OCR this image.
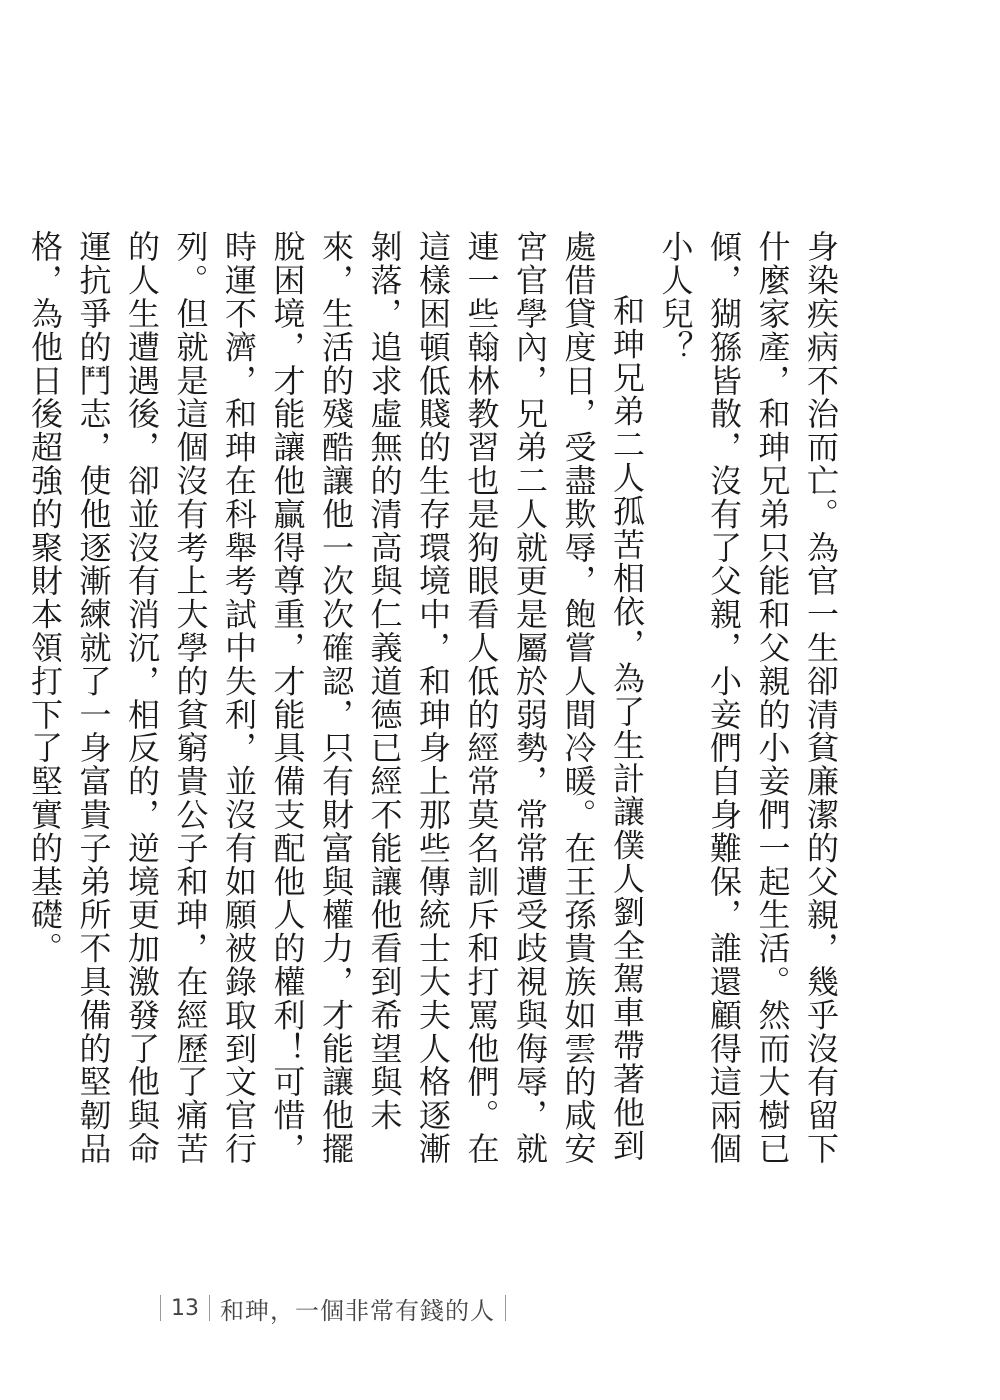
身染疾病不治而亡。為官一生卻清貧廉潔的父親，幾乎沒有留下什麼家產，和珅兄弟只能和父親的小妾們一起生活。然而大樹已傾，猢猻皆散，沒有了父親，小妾們自身難保，誰還顧得這兩個小人兒？

和珅兄弟二人孤苦相依，為了生計讓僕人劉全駕車帶著他到處借貸度日，受盡欺辱，飽嘗人間冷暖。在王孫貴族如雲的咸安宮官學內，兄弟二人就更是屬於弱勢，常常遭受歧視與侮辱，就連一些翰林教習也是狗眼看人低的經常莫名訓斥和打罵他們。在這樣困頓低賤的生存環境中，和珅身上那些傳統士大夫人格逐漸剝落，追求虛無的清高與仁義道德已經不能讓他看到希望與未來，生活的殘酷讓他一次次確認，只有財富與權力，才能讓他擺脫困境，才能讓他贏得尊重，才能具備支配他人的權利！可惜，時運不濟，和珅在科舉考試中失利，並沒有如願被錄取到文官行列。但就是這個沒有考上大學的貧窮貴公子和珅，在經歷了痛苦的人生遭遇後，卻並沒有消沉，相反的，逆境更加激發了他與命運抗爭的鬥志，使他逐漸練就了一身富貴子弟所不具備的堅韌品格，為他日後超強的聚財本領打下了堅實的基礎。

13 和珅，一個非常有錢的人
